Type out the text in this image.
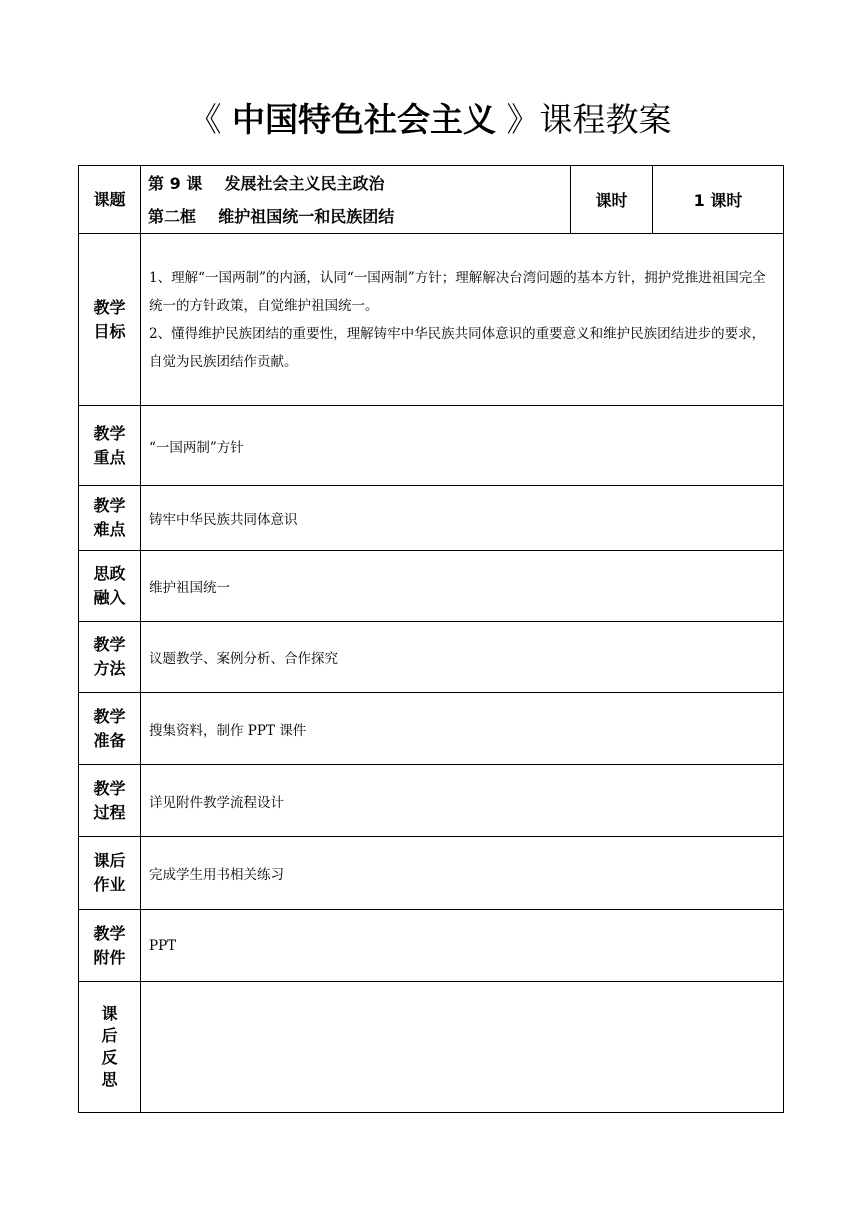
《 中国特色社会主义 》课程教案
课题	第 9 课    发展社会主义民主政治
第二框    维护祖国统一和民族团结	课时	1 课时

教学
目标	1、理解“一国两制”的内涵，认同“一国两制”方针；理解解决台湾问题的基本方针，拥护党推进祖国完全统一的方针政策，自觉维护祖国统一。
2、懂得维护民族团结的重要性，理解铸牢中华民族共同体意识的重要意义和维护民族团结进步的要求，自觉为民族团结作贡献。		

教学
重点	“一国两制”方针		

教学
难点	铸牢中华民族共同体意识		

思政
融入	维护祖国统一		

教学
方法	议题教学、案例分析、合作探究		

教学
准备	搜集资料，制作 PPT 课件		

教学
过程	详见附件教学流程设计		

课后
作业	完成学生用书相关练习		

教学
附件	PPT		

课
后
反
思			
